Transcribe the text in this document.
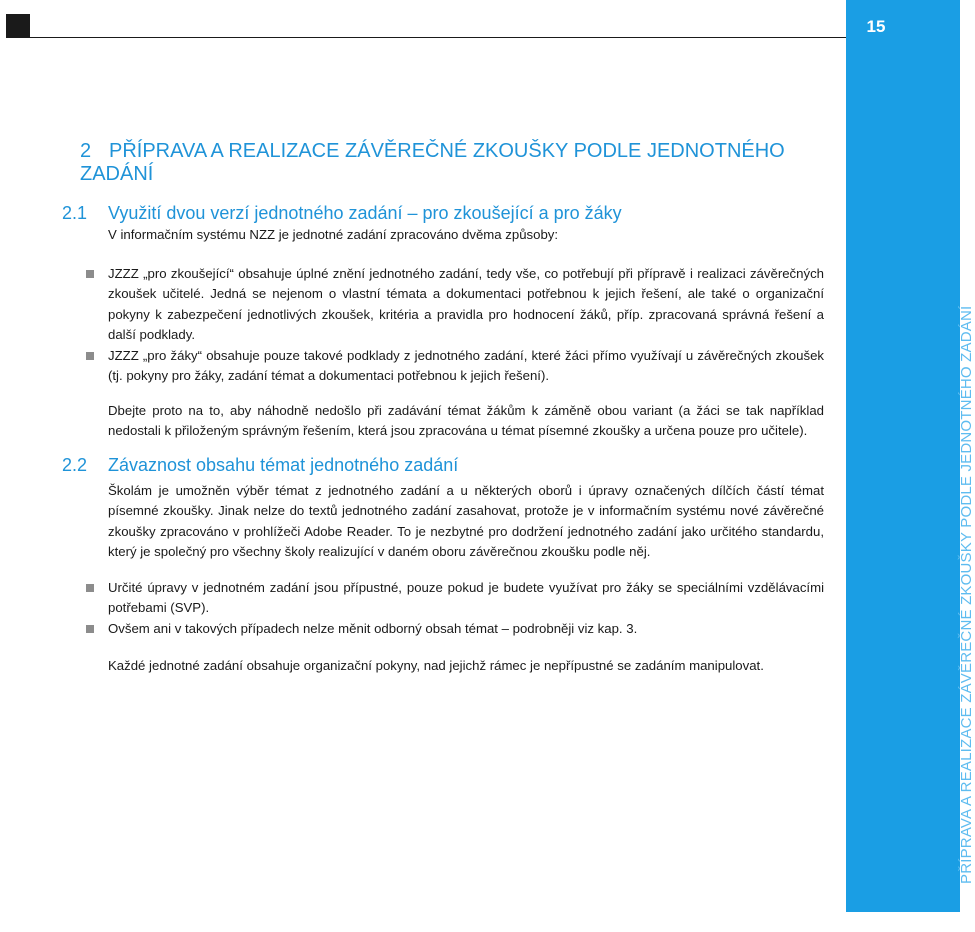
15
PŘÍPRAVA A REALIZACE ZÁVĚREČNÉ ZKOUŠKY PODLE JEDNOTNÉHO ZADÁNÍ
2 PŘÍPRAVA A REALIZACE ZÁVĚREČNÉ ZKOUŠKY PODLE JEDNOTNÉHO ZADÁNÍ
2.1 Využití dvou verzí jednotného zadání – pro zkoušející a pro žáky

V informačním systému NZZ je jednotné zadání zpracováno dvěma způsoby:

JZZZ „pro zkoušející“ obsahuje úplné znění jednotného zadání, tedy vše, co potřebují při přípravě i realizaci závěrečných zkoušek učitelé. Jedná se nejenom o vlastní témata a dokumentaci potřebnou k jejich řešení, ale také o organizační pokyny k zabezpečení jednotlivých zkoušek, kritéria a pravidla pro hodnocení žáků, příp. zpracovaná správná řešení a další podklady.
JZZZ „pro žáky“ obsahuje pouze takové podklady z jednotného zadání, které žáci přímo využívají u závěrečných zkoušek (tj. pokyny pro žáky, zadání témat a dokumentaci potřebnou k jejich řešení).

Dbejte proto na to, aby náhodně nedošlo při zadávání témat žákům k záměně obou variant (a žáci se tak například nedostali k přiloženým správným řešením, která jsou zpracována u témat písemné zkoušky a určena pouze pro učitele).

2.2 Závaznost obsahu témat jednotného zadání

Školám je umožněn výběr témat z jednotného zadání a u některých oborů i úpravy označených dílčích částí témat písemné zkoušky. Jinak nelze do textů jednotného zadání zasahovat, protože je v informačním systému nové závěrečné zkoušky zpracováno v prohlížeči Adobe Reader. To je nezbytné pro dodržení jednotného zadání jako určitého standardu, který je společný pro všechny školy realizující v daném oboru závěrečnou zkoušku podle něj.

Určité úpravy v jednotném zadání jsou přípustné, pouze pokud je budete využívat pro žáky se speciálními vzdělávacími potřebami (SVP).
Ovšem ani v takových případech nelze měnit odborný obsah témat – podrobněji viz kap. 3.

Každé jednotné zadání obsahuje organizační pokyny, nad jejichž rámec je nepřípustné se zadáním manipulovat.
